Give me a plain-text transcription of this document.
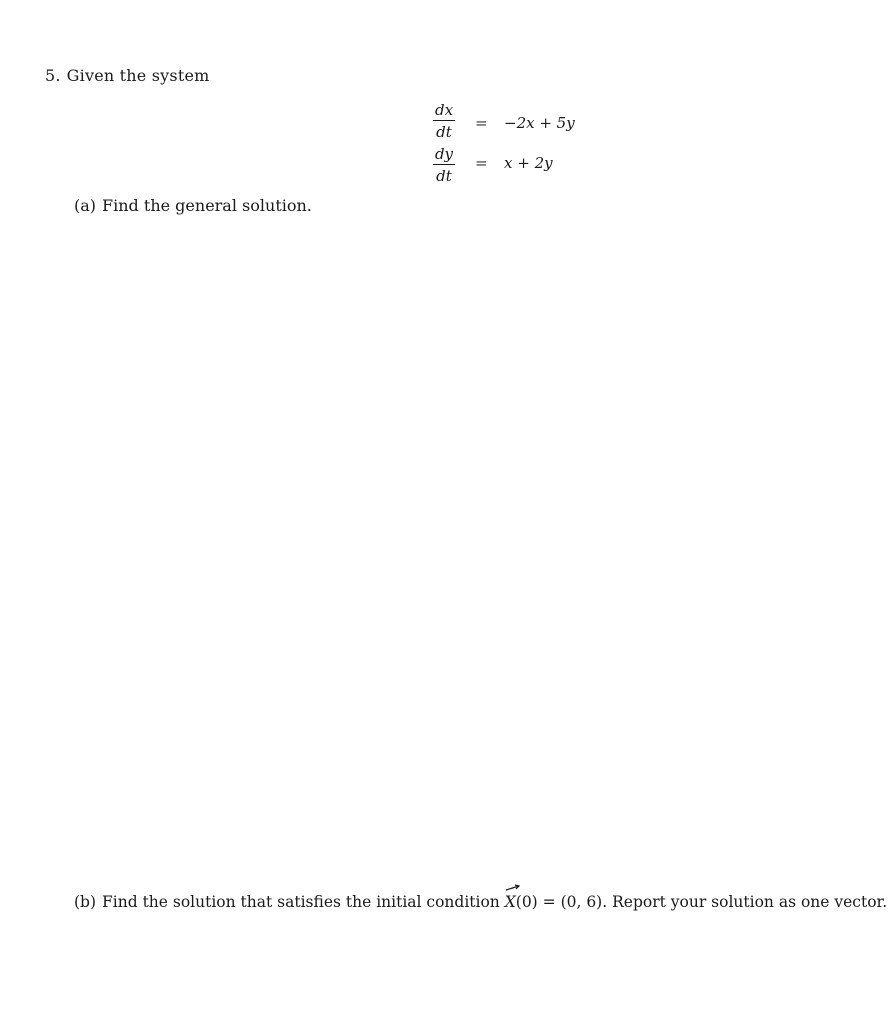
5. Given the system
dx
dt = −2x + 5y
dy
dt
= x + 2y
(a) Find the general solution.
(b) Find the solution that satisfies the initial condition X(0) = (0, 6). Report your solution as one vector.
